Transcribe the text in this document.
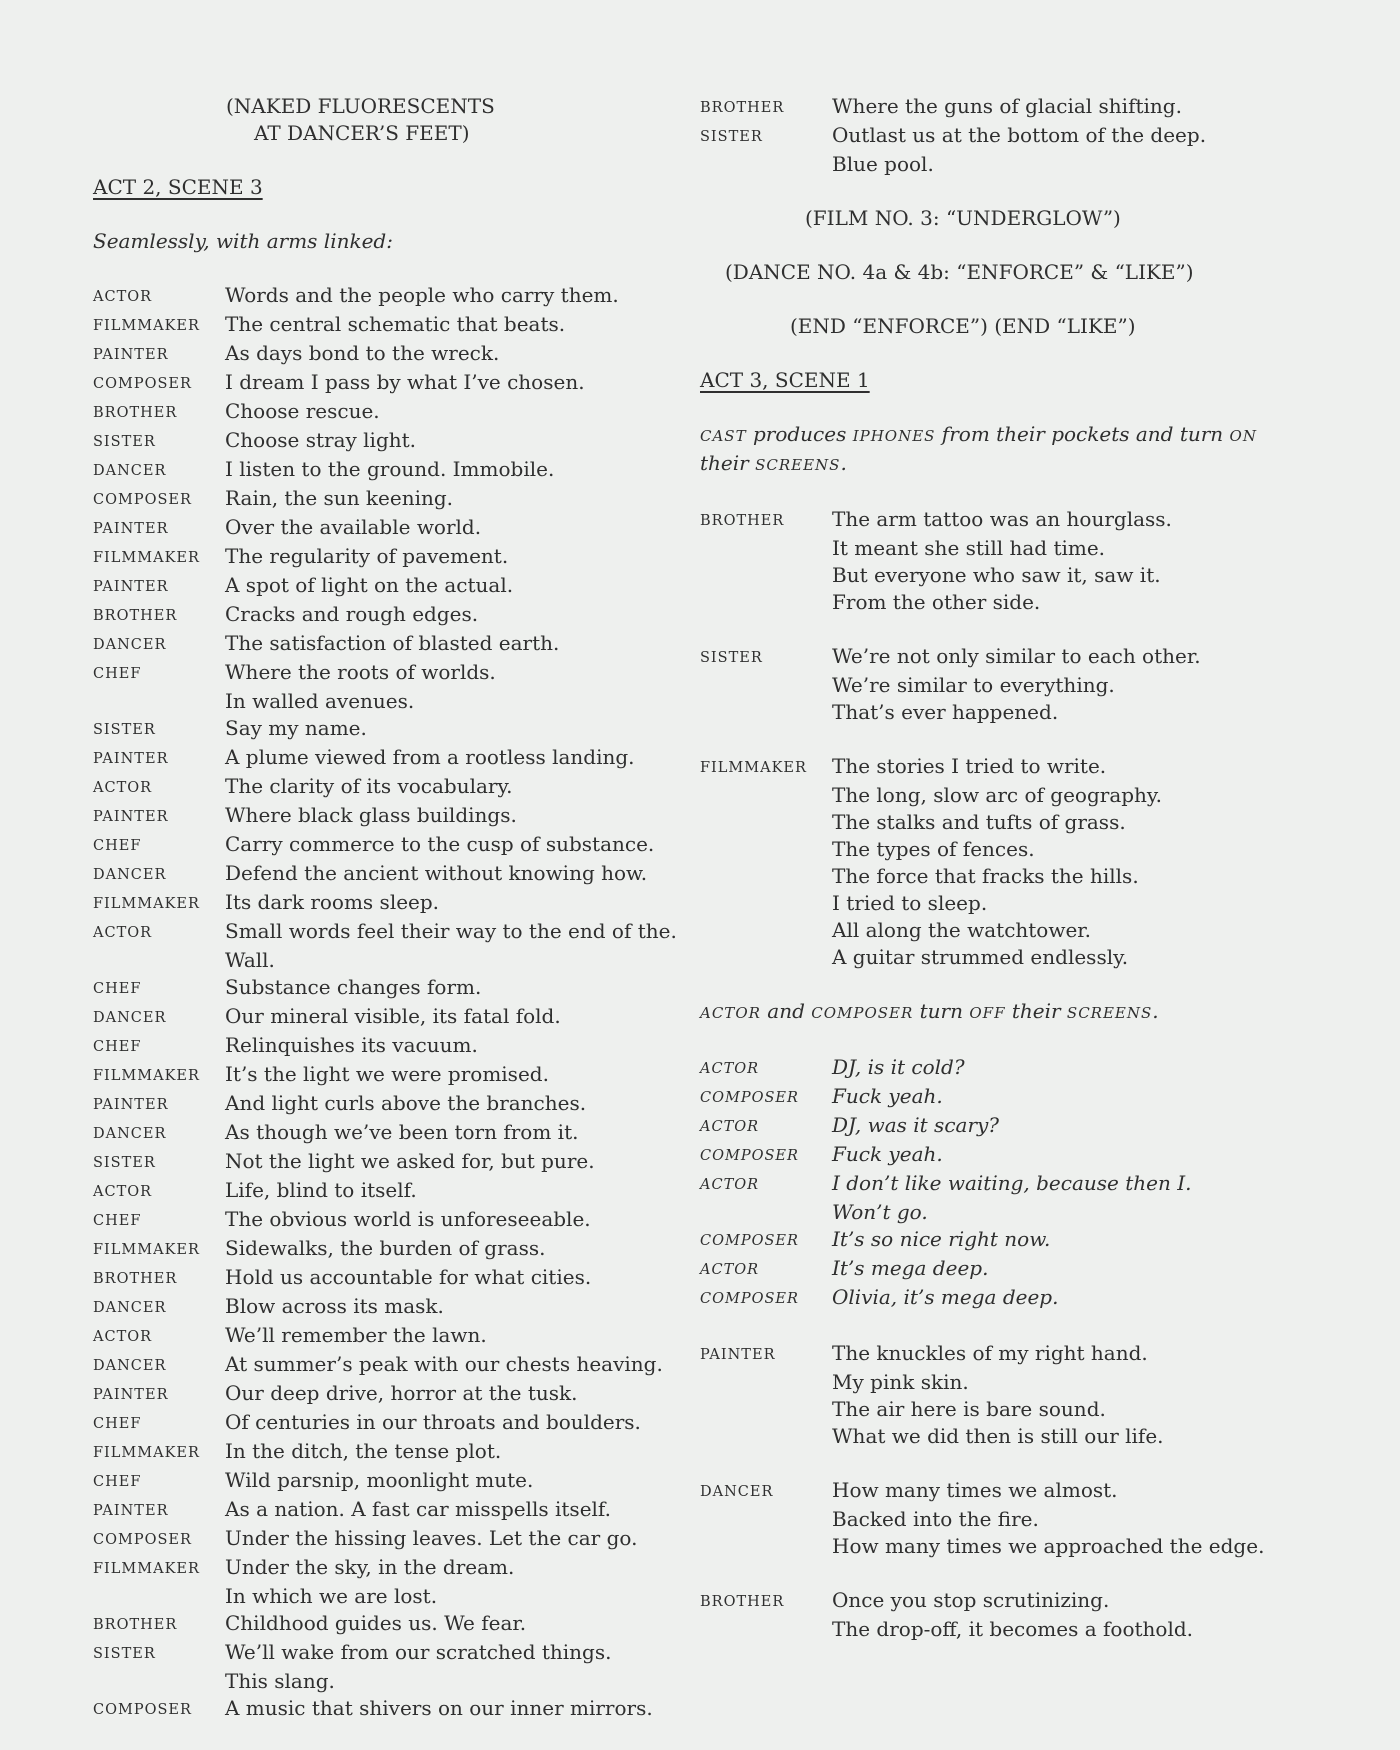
(NAKED FLUORESCENTS
AT DANCER’S FEET)
ACT 2, SCENE 3
Seamlessly, with arms linked:
ACTOR	Words and the people who carry them.
FILMMAKER	The central schematic that beats.
PAINTER	As days bond to the wreck.
COMPOSER	I dream I pass by what I’ve chosen.
BROTHER	Choose rescue.
SISTER	Choose stray light.
DANCER	I listen to the ground. Immobile.
COMPOSER	Rain, the sun keening.
PAINTER	Over the available world.
FILMMAKER	The regularity of pavement.
PAINTER	A spot of light on the actual.
BROTHER	Cracks and rough edges.
DANCER	The satisfaction of blasted earth.
CHEF	Where the roots of worlds.
In walled avenues.
SISTER	Say my name.
PAINTER	A plume viewed from a rootless landing.
ACTOR	The clarity of its vocabulary.
PAINTER	Where black glass buildings.
CHEF	Carry commerce to the cusp of substance.
DANCER	Defend the ancient without knowing how.
FILMMAKER	Its dark rooms sleep.
ACTOR	Small words feel their way to the end of the.
Wall.
CHEF	Substance changes form.
DANCER	Our mineral visible, its fatal fold.
CHEF	Relinquishes its vacuum.
FILMMAKER	It’s the light we were promised.
PAINTER	And light curls above the branches.
DANCER	As though we’ve been torn from it.
SISTER	Not the light we asked for, but pure.
ACTOR	Life, blind to itself.
CHEF	The obvious world is unforeseeable.
FILMMAKER	Sidewalks, the burden of grass.
BROTHER	Hold us accountable for what cities.
DANCER	Blow across its mask.
ACTOR	We’ll remember the lawn.
DANCER	At summer’s peak with our chests heaving.
PAINTER	Our deep drive, horror at the tusk.
CHEF	Of centuries in our throats and boulders.
FILMMAKER	In the ditch, the tense plot.
CHEF	Wild parsnip, moonlight mute.
PAINTER	As a nation. A fast car misspells itself.
COMPOSER	Under the hissing leaves. Let the car go.
FILMMAKER	Under the sky, in the dream.
In which we are lost.
BROTHER	Childhood guides us. We fear.
SISTER	We’ll wake from our scratched things.
This slang.
COMPOSER	A music that shivers on our inner mirrors.
BROTHER	Where the guns of glacial shifting.
SISTER	Outlast us at the bottom of the deep.
Blue pool.
(FILM NO. 3: “UNDERGLOW”)
(DANCE NO. 4a & 4b: “ENFORCE” & “LIKE”)
(END “ENFORCE”) (END “LIKE”)
ACT 3, SCENE 1
CAST produces IPHONES from their pockets and turn ON
their SCREENS.
BROTHER	The arm tattoo was an hourglass.
It meant she still had time.
But everyone who saw it, saw it.
From the other side.
SISTER	We’re not only similar to each other.
We’re similar to everything.
That’s ever happened.
FILMMAKER	The stories I tried to write.
The long, slow arc of geography.
The stalks and tufts of grass.
The types of fences.
The force that fracks the hills.
I tried to sleep.
All along the watchtower.
A guitar strummed endlessly.
ACTOR and COMPOSER turn OFF their SCREENS.
ACTOR	DJ, is it cold?
COMPOSER	Fuck yeah.
ACTOR	DJ, was it scary?
COMPOSER	Fuck yeah.
ACTOR	I don’t like waiting, because then I.
Won’t go.
COMPOSER	It’s so nice right now.
ACTOR	It’s mega deep.
COMPOSER	Olivia, it’s mega deep.
PAINTER	The knuckles of my right hand.
My pink skin.
The air here is bare sound.
What we did then is still our life.
DANCER	How many times we almost.
Backed into the fire.
How many times we approached the edge.
BROTHER	Once you stop scrutinizing.
The drop-off, it becomes a foothold.
